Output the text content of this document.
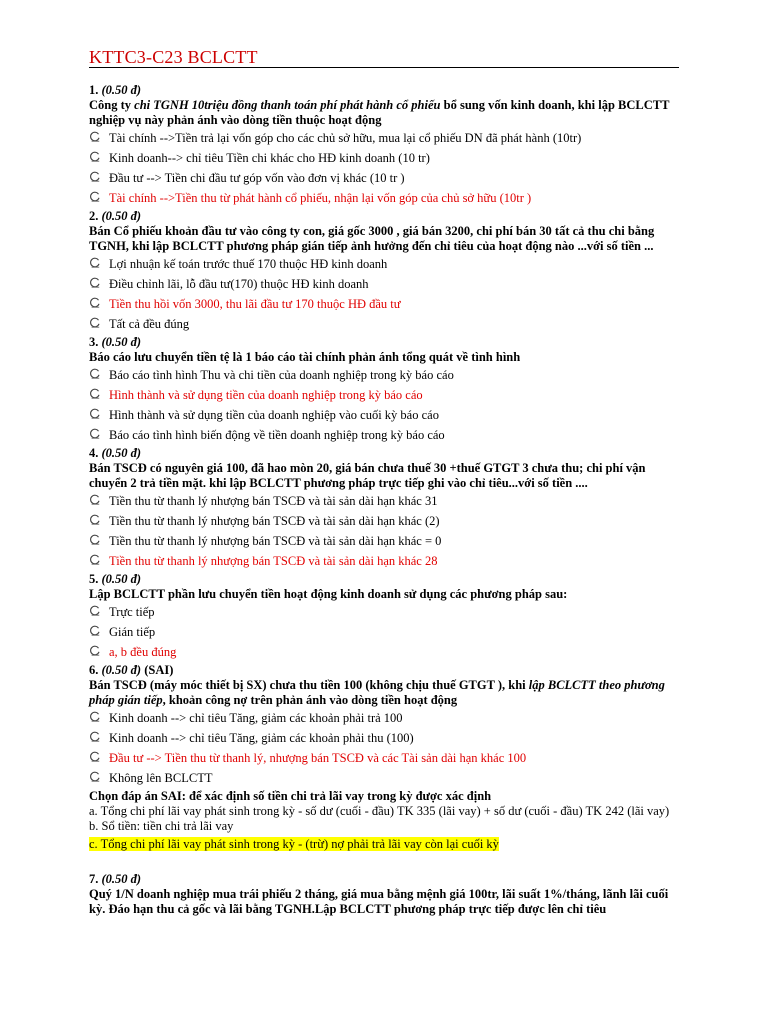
KTTC3-C23 BCLCTT
1. (0.50 đ)
Công ty chi TGNH 10triệu đồng thanh toán phí phát hành cổ phiếu bổ sung vốn kinh doanh, khi lập BCLCTT nghiệp vụ này phản ánh vào dòng tiền thuộc hoạt động
Tài chính -->Tiền trả lại vốn góp cho các chủ sở hữu, mua lại cổ phiếu DN đã phát hành (10tr)
Kinh doanh--> chỉ tiêu Tiền chi khác cho HĐ kinh doanh (10 tr)
Đầu tư --> Tiền chi đầu tư góp vốn vào đơn vị khác (10 tr )
Tài chính -->Tiền thu từ phát hành cổ phiếu, nhận lại vốn góp của chủ sở hữu (10tr )
2. (0.50 đ)
Bán Cổ phiếu khoản đầu tư vào công ty con, giá gốc 3000 , giá bán 3200, chi phí bán 30 tất cả thu chi bằng TGNH, khi lập BCLCTT phương pháp gián tiếp ảnh hưởng đến chỉ tiêu của hoạt động nào ...với số tiền ...
Lợi nhuận kế toán trước thuế 170 thuộc HĐ kinh doanh
Điều chỉnh lãi, lỗ đầu tư(170) thuộc HĐ kinh doanh
Tiền thu hồi vốn 3000, thu lãi đầu tư 170 thuộc HĐ đầu tư
Tất cả đều đúng
3. (0.50 đ)
Báo cáo lưu chuyển tiền tệ là 1 báo cáo tài chính phản ánh tổng quát về tình hình
Báo cáo tình hình Thu và chi tiền của doanh nghiệp trong kỳ báo cáo
Hình thành và sử dụng tiền của doanh nghiệp trong kỳ báo cáo
Hình thành và sử dụng tiền của doanh nghiệp vào cuối kỳ báo cáo
Báo cáo tình hình biến động về tiền doanh nghiệp trong kỳ báo cáo
4. (0.50 đ)
Bán TSCĐ có nguyên giá 100, đã hao mòn 20, giá bán chưa thuế 30 +thuế GTGT 3 chưa thu; chi phí vận chuyển 2 trả tiền mặt. khi lập BCLCTT phương pháp trực tiếp ghi vào chỉ tiêu...với số tiền ....
Tiền thu từ thanh lý nhượng bán TSCĐ và tài sản dài hạn khác 31
Tiền thu từ thanh lý nhượng bán TSCĐ và tài sản dài hạn khác (2)
Tiền thu từ thanh lý nhượng bán TSCĐ và tài sản dài hạn khác = 0
Tiền thu từ thanh lý nhượng bán TSCĐ và tài sản dài hạn khác 28
5. (0.50 đ)
Lập BCLCTT phần lưu chuyển tiền hoạt động kinh doanh sử dụng các phương pháp sau:
Trực tiếp
Gián tiếp
a, b đều đúng
6. (0.50 đ) (SAI)
Bán TSCĐ (máy móc thiết bị SX) chưa thu tiền 100 (không chịu thuế GTGT ), khi lập BCLCTT theo phương pháp gián tiếp, khoản công nợ trên phản ánh vào dòng tiền hoạt động
Kinh doanh --> chỉ tiêu Tăng, giảm các khoản phải trả 100
Kinh doanh --> chỉ tiêu Tăng, giảm các khoản phải thu (100)
Đầu tư --> Tiền thu từ thanh lý, nhượng bán TSCĐ và các Tài sản dài hạn khác 100
Không lên BCLCTT
Chọn đáp án SAI: để xác định số tiền chi trả lãi vay trong kỳ được xác định
a. Tổng chi phí lãi vay phát sinh trong kỳ - số dư (cuối - đầu) TK 335 (lãi vay) + số dư (cuối - đầu) TK 242 (lãi vay)
b. Sổ tiền: tiền chi trả lãi vay
c. Tổng chi phí lãi vay phát sinh trong kỳ - (trừ) nợ phải trả lãi vay còn lại cuối kỳ
7. (0.50 đ)
Quý 1/N doanh nghiệp mua trái phiếu 2 tháng, giá mua bằng mệnh giá 100tr, lãi suất 1%/tháng, lãnh lãi cuối kỳ. Đáo hạn thu cả gốc và lãi bằng TGNH.Lập BCLCTT phương pháp trực tiếp được lên chỉ tiêu
